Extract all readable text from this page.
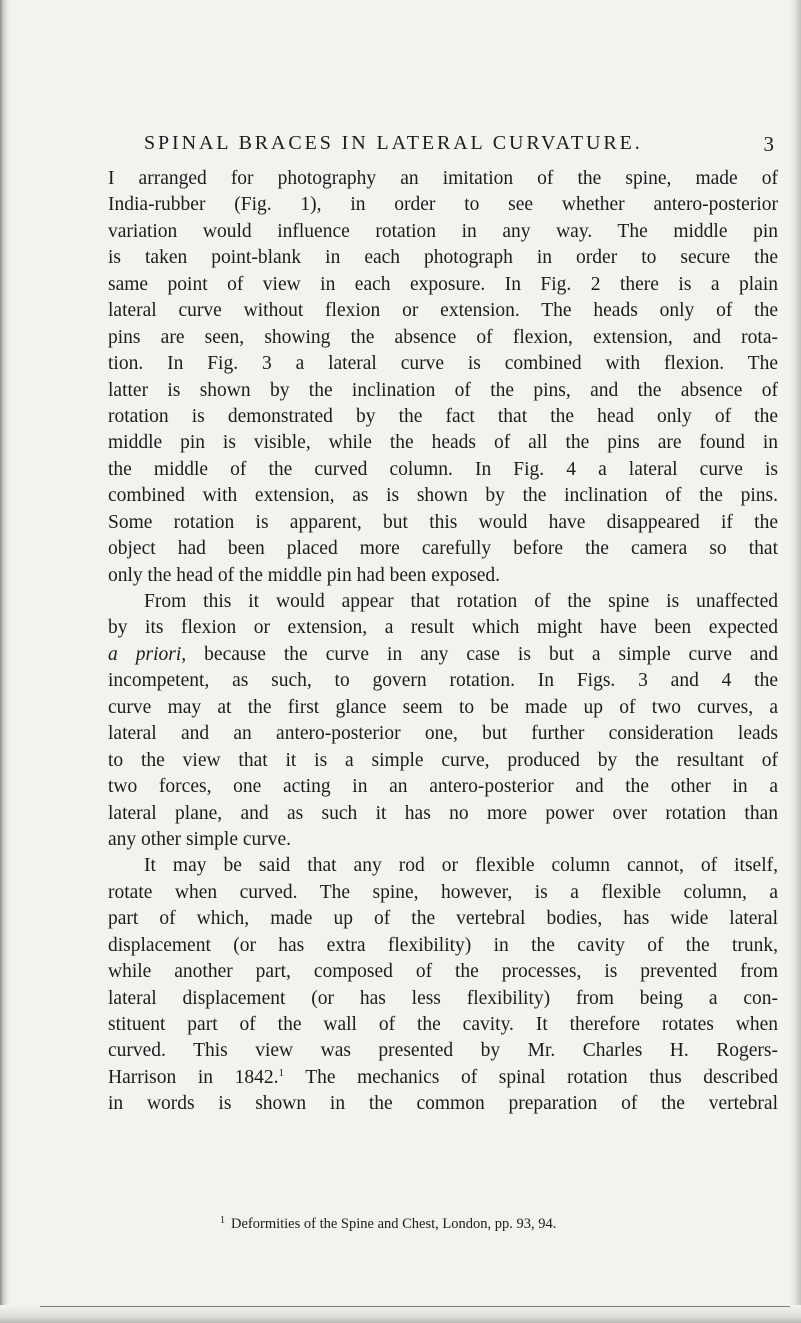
SPINAL BRACES IN LATERAL CURVATURE.	3
I arranged for photography an imitation of the spine, made of
India-rubber (Fig. 1), in order to see whether antero-posterior
variation would influence rotation in any way. The middle pin
is taken point-blank in each photograph in order to secure the
same point of view in each exposure. In Fig. 2 there is a plain
lateral curve without flexion or extension. The heads only of the
pins are seen, showing the absence of flexion, extension, and rota-
tion. In Fig. 3 a lateral curve is combined with flexion. The
latter is shown by the inclination of the pins, and the absence of
rotation is demonstrated by the fact that the head only of the
middle pin is visible, while the heads of all the pins are found in
the middle of the curved column. In Fig. 4 a lateral curve is
combined with extension, as is shown by the inclination of the pins.
Some rotation is apparent, but this would have disappeared if the
object had been placed more carefully before the camera so that
only the head of the middle pin had been exposed.
From this it would appear that rotation of the spine is unaffected
by its flexion or extension, a result which might have been expected
a priori, because the curve in any case is but a simple curve and
incompetent, as such, to govern rotation. In Figs. 3 and 4 the
curve may at the first glance seem to be made up of two curves, a
lateral and an antero-posterior one, but further consideration leads
to the view that it is a simple curve, produced by the resultant of
two forces, one acting in an antero-posterior and the other in a
lateral plane, and as such it has no more power over rotation than
any other simple curve.
It may be said that any rod or flexible column cannot, of itself,
rotate when curved. The spine, however, is a flexible column, a
part of which, made up of the vertebral bodies, has wide lateral
displacement (or has extra flexibility) in the cavity of the trunk,
while another part, composed of the processes, is prevented from
lateral displacement (or has less flexibility) from being a con-
stituent part of the wall of the cavity. It therefore rotates when
curved. This view was presented by Mr. Charles H. Rogers-
Harrison in 1842.$^1$ The mechanics of spinal rotation thus described
in words is shown in the common preparation of the vertebral
$^1$ Deformities of the Spine and Chest, London, pp. 93, 94.
